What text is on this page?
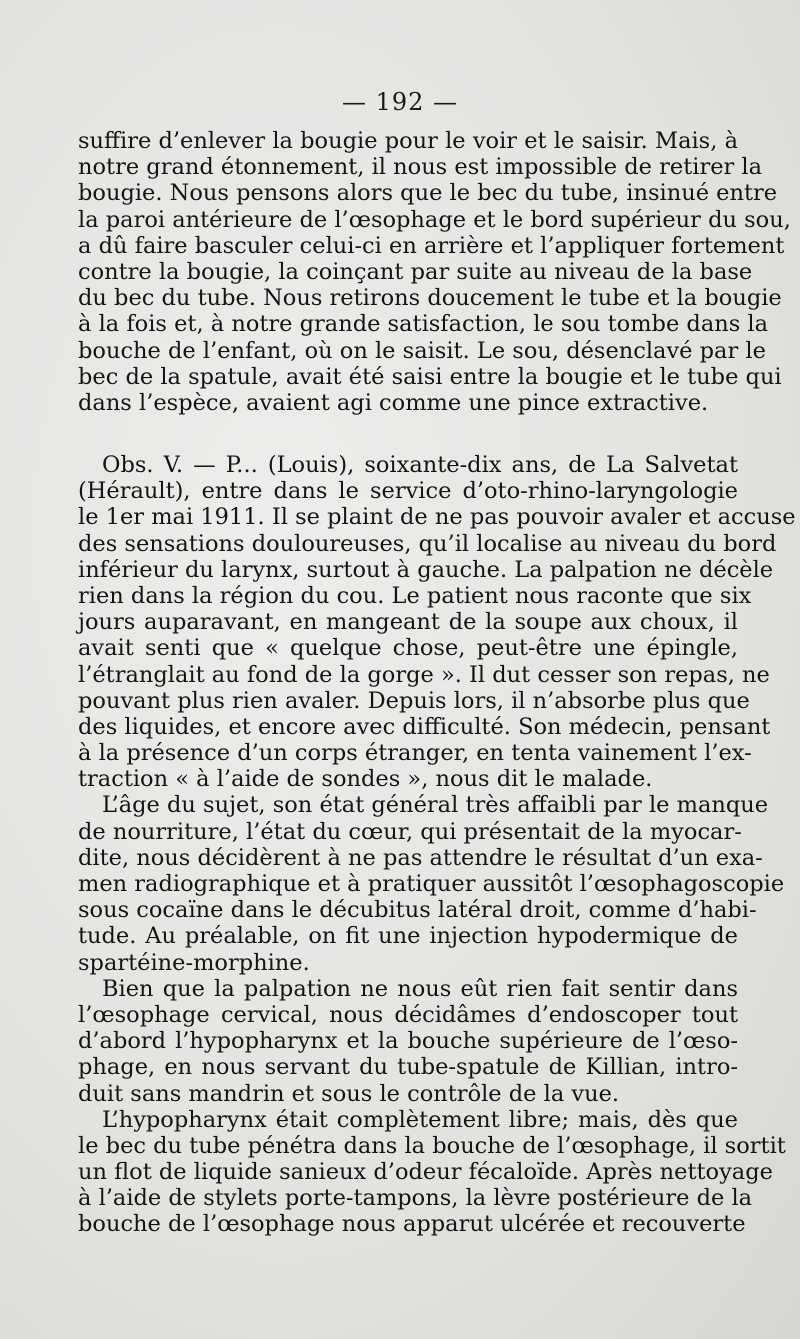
— 192 —
suffire d’enlever la bougie pour le voir et le saisir. Mais, à
notre grand étonnement, il nous est impossible de retirer la
bougie. Nous pensons alors que le bec du tube, insinué entre
la paroi antérieure de l’œsophage et le bord supérieur du sou,
a dû faire basculer celui-ci en arrière et l’appliquer fortement
contre la bougie, la coinçant par suite au niveau de la base
du bec du tube. Nous retirons doucement le tube et la bougie
à la fois et, à notre grande satisfaction, le sou tombe dans la
bouche de l’enfant, où on le saisit. Le sou, désenclavé par le
bec de la spatule, avait été saisi entre la bougie et le tube qui
dans l’espèce, avaient agi comme une pince extractive.
Obs. V. — P... (Louis), soixante-dix ans, de La Salvetat
(Hérault), entre dans le service d’oto-rhino-laryngologie
le 1er mai 1911. Il se plaint de ne pas pouvoir avaler et accuse
des sensations douloureuses, qu’il localise au niveau du bord
inférieur du larynx, surtout à gauche. La palpation ne décèle
rien dans la région du cou. Le patient nous raconte que six
jours auparavant, en mangeant de la soupe aux choux, il
avait senti que « quelque chose, peut-être une épingle,
l’étranglait au fond de la gorge ». Il dut cesser son repas, ne
pouvant plus rien avaler. Depuis lors, il n’absorbe plus que
des liquides, et encore avec difficulté. Son médecin, pensant
à la présence d’un corps étranger, en tenta vainement l’ex-
traction « à l’aide de sondes », nous dit le malade.
L’âge du sujet, son état général très affaibli par le manque
de nourriture, l’état du cœur, qui présentait de la myocar-
dite, nous décidèrent à ne pas attendre le résultat d’un exa-
men radiographique et à pratiquer aussitôt l’œsophagoscopie
sous cocaïne dans le décubitus latéral droit, comme d’habi-
tude. Au préalable, on fit une injection hypodermique de
spartéine-morphine.
Bien que la palpation ne nous eût rien fait sentir dans
l’œsophage cervical, nous décidâmes d’endoscoper tout
d’abord l’hypopharynx et la bouche supérieure de l’œso-
phage, en nous servant du tube-spatule de Killian, intro-
duit sans mandrin et sous le contrôle de la vue.
L’hypopharynx était complètement libre; mais, dès que
le bec du tube pénétra dans la bouche de l’œsophage, il sortit
un flot de liquide sanieux d’odeur fécaloïde. Après nettoyage
à l’aide de stylets porte-tampons, la lèvre postérieure de la
bouche de l’œsophage nous apparut ulcérée et recouverte
